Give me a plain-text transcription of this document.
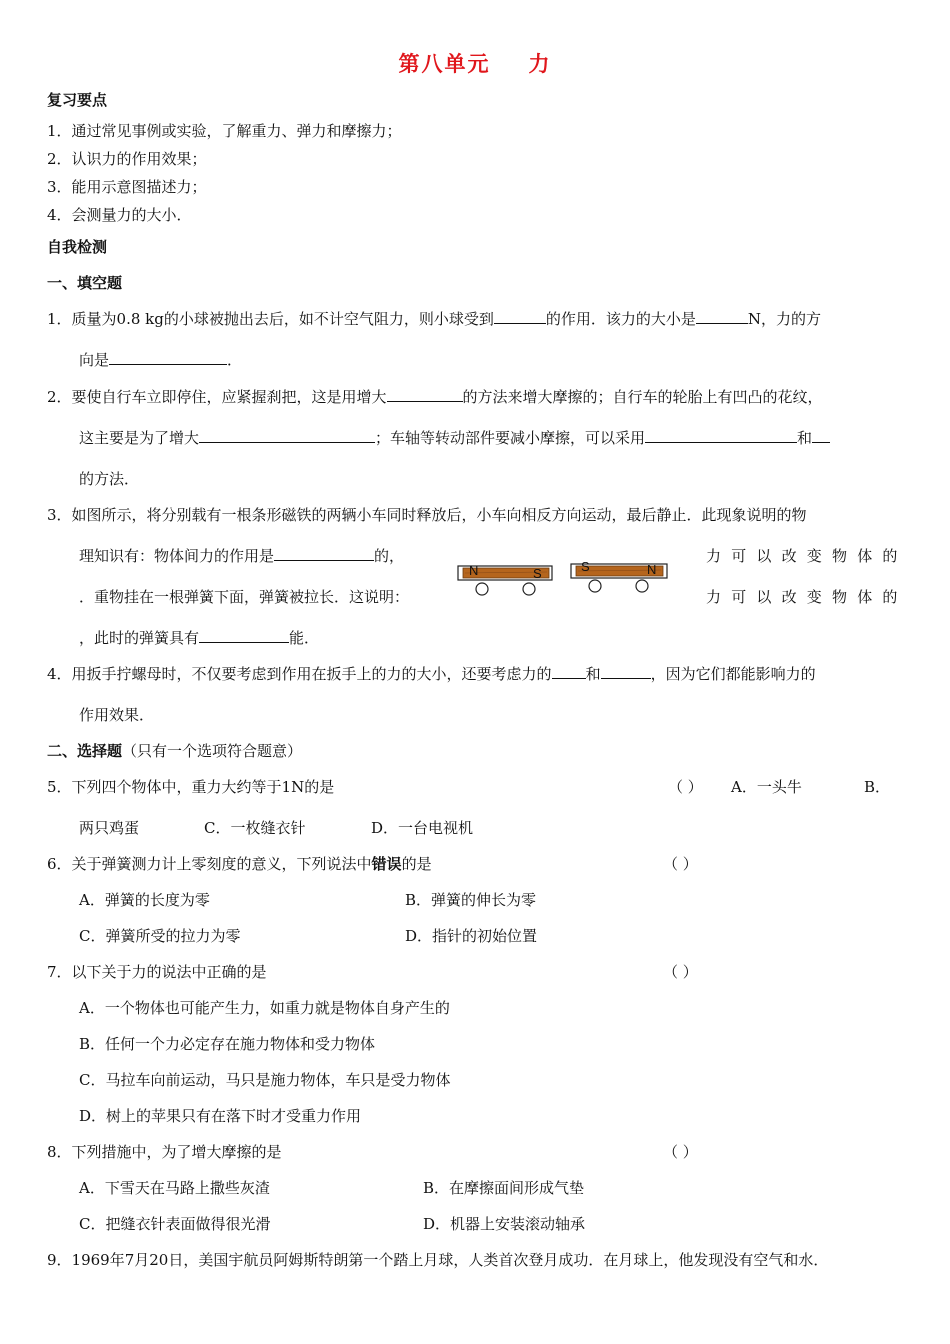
第八单元 力
复习要点
1．通过常见事例或实验，了解重力、弹力和摩擦力；
2．认识力的作用效果；
3．能用示意图描述力；
4．会测量力的大小．
自我检测
一、填空题
1．质量为0.8 kg的小球被抛出去后，如不计空气阻力，则小球受到	的作用．该力的大小是	N，力的方
向是	．
2．要使自行车立即停住，应紧握刹把，这是用增大	的方法来增大摩擦的；自行车的轮胎上有凹凸的花纹，
这主要是为了增大	；车轴等转动部件要减小摩擦，可以采用	和
的方法．
3．如图所示，将分别载有一根条形磁铁的两辆小车同时释放后，小车向相反方向运动，最后静止．此现象说明的物
理知识有：物体间力的作用是	的，	力可以改变物体的
．重物挂在一根弹簧下面，弹簧被拉长．这说明：	力可以改变物体的
，此时的弹簧具有	能．
N	S	S	N
4．用扳手拧螺母时，不仅要考虑到作用在扳手上的力的大小，还要考虑力的 和	，因为它们都能影响力的
作用效果．
二、选择题（只有一个选项符合题意）
5．下列四个物体中，重力大约等于1N的是	（ ） A．一头牛	B．
两只鸡蛋	C．一枚缝衣针	D．一台电视机
6．关于弹簧测力计上零刻度的意义，下列说法中错误的是	（ ）
A．弹簧的长度为零	B．弹簧的伸长为零
C．弹簧所受的拉力为零	D．指针的初始位置
7．以下关于力的说法中正确的是	（ ）
A．一个物体也可能产生力，如重力就是物体自身产生的
B．任何一个力必定存在施力物体和受力物体
C．马拉车向前运动，马只是施力物体，车只是受力物体
D．树上的苹果只有在落下时才受重力作用
8．下列措施中，为了增大摩擦的是	（ ）
A．下雪天在马路上撒些灰渣	B．在摩擦面间形成气垫
C．把缝衣针表面做得很光滑	D．机器上安装滚动轴承
9．1969年7月20日，美国宇航员阿姆斯特朗第一个踏上月球，人类首次登月成功．在月球上，他发现没有空气和水．
